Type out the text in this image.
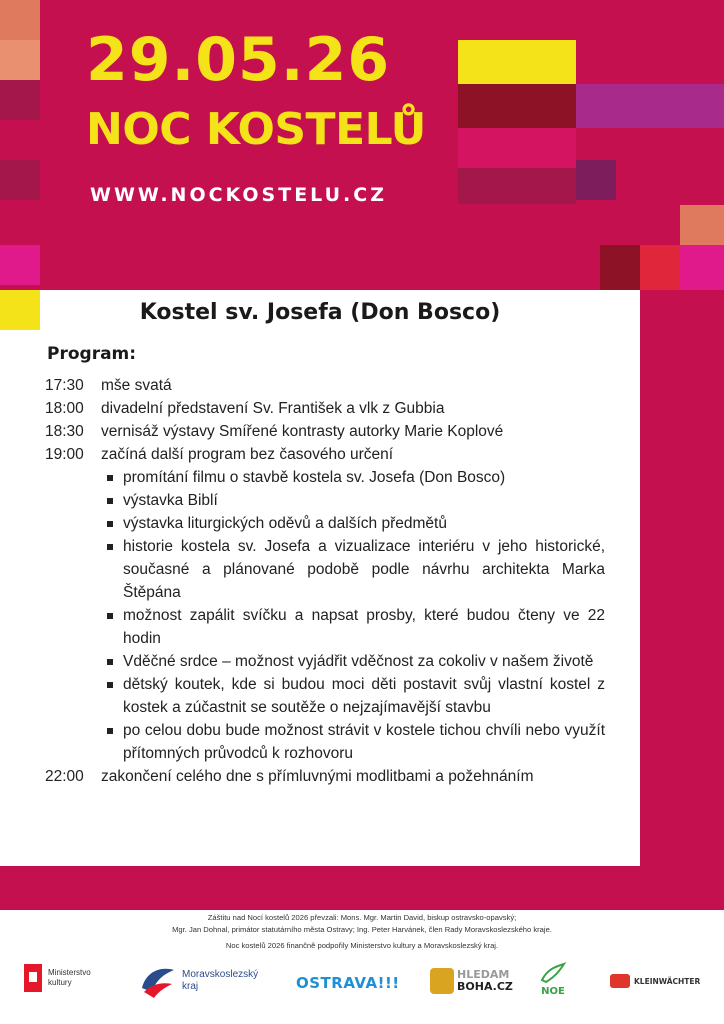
29.05.26
NOC KOSTELŮ
WWW.NOCKOSTELU.CZ
Kostel sv. Josefa (Don Bosco)
Program:
17:30	mše svatá
18:00	divadelní představení Sv. František a vlk z Gubbia
18:30	vernisáž výstavy Smířené kontrasty autorky Marie Koplové
19:00	začíná další program bez časového určení
promítání filmu o stavbě kostela sv. Josefa (Don Bosco)
výstavka Biblí
výstavka liturgických oděvů a dalších předmětů
historie kostela sv. Josefa a vizualizace interiéru v jeho historické, současné a plánované podobě podle návrhu architekta Marka Štěpána
možnost zapálit svíčku a napsat prosby, které budou čteny ve 22 hodin
Vděčné srdce – možnost vyjádřit vděčnost za cokoliv v našem životě
dětský koutek, kde si budou moci děti postavit svůj vlastní kostel z kostek a zúčastnit se soutěže o nejzajímavější stavbu
po celou dobu bude možnost strávit v kostele tichou chvíli nebo využít přítomných průvodců k rozhovoru
22:00	zakončení celého dne s přímluvnými modlitbami a požehnáním
Záštitu nad Nocí kostelů 2026 převzali: Mons. Mgr. Martin David, biskup ostravsko-opavský;
Mgr. Jan Dohnal, primátor statutárního města Ostravy; Ing. Peter Harvánek, člen Rady Moravskoslezského kraje.
Noc kostelů 2026 finančně podpořily Ministerstvo kultury a Moravskoslezský kraj.
Ministerstvo kultury
Moravskoslezský kraj	OSTRAVA!!!	HLEDAM
BOHA.CZ	NOE
KLEINWÄCHTER
